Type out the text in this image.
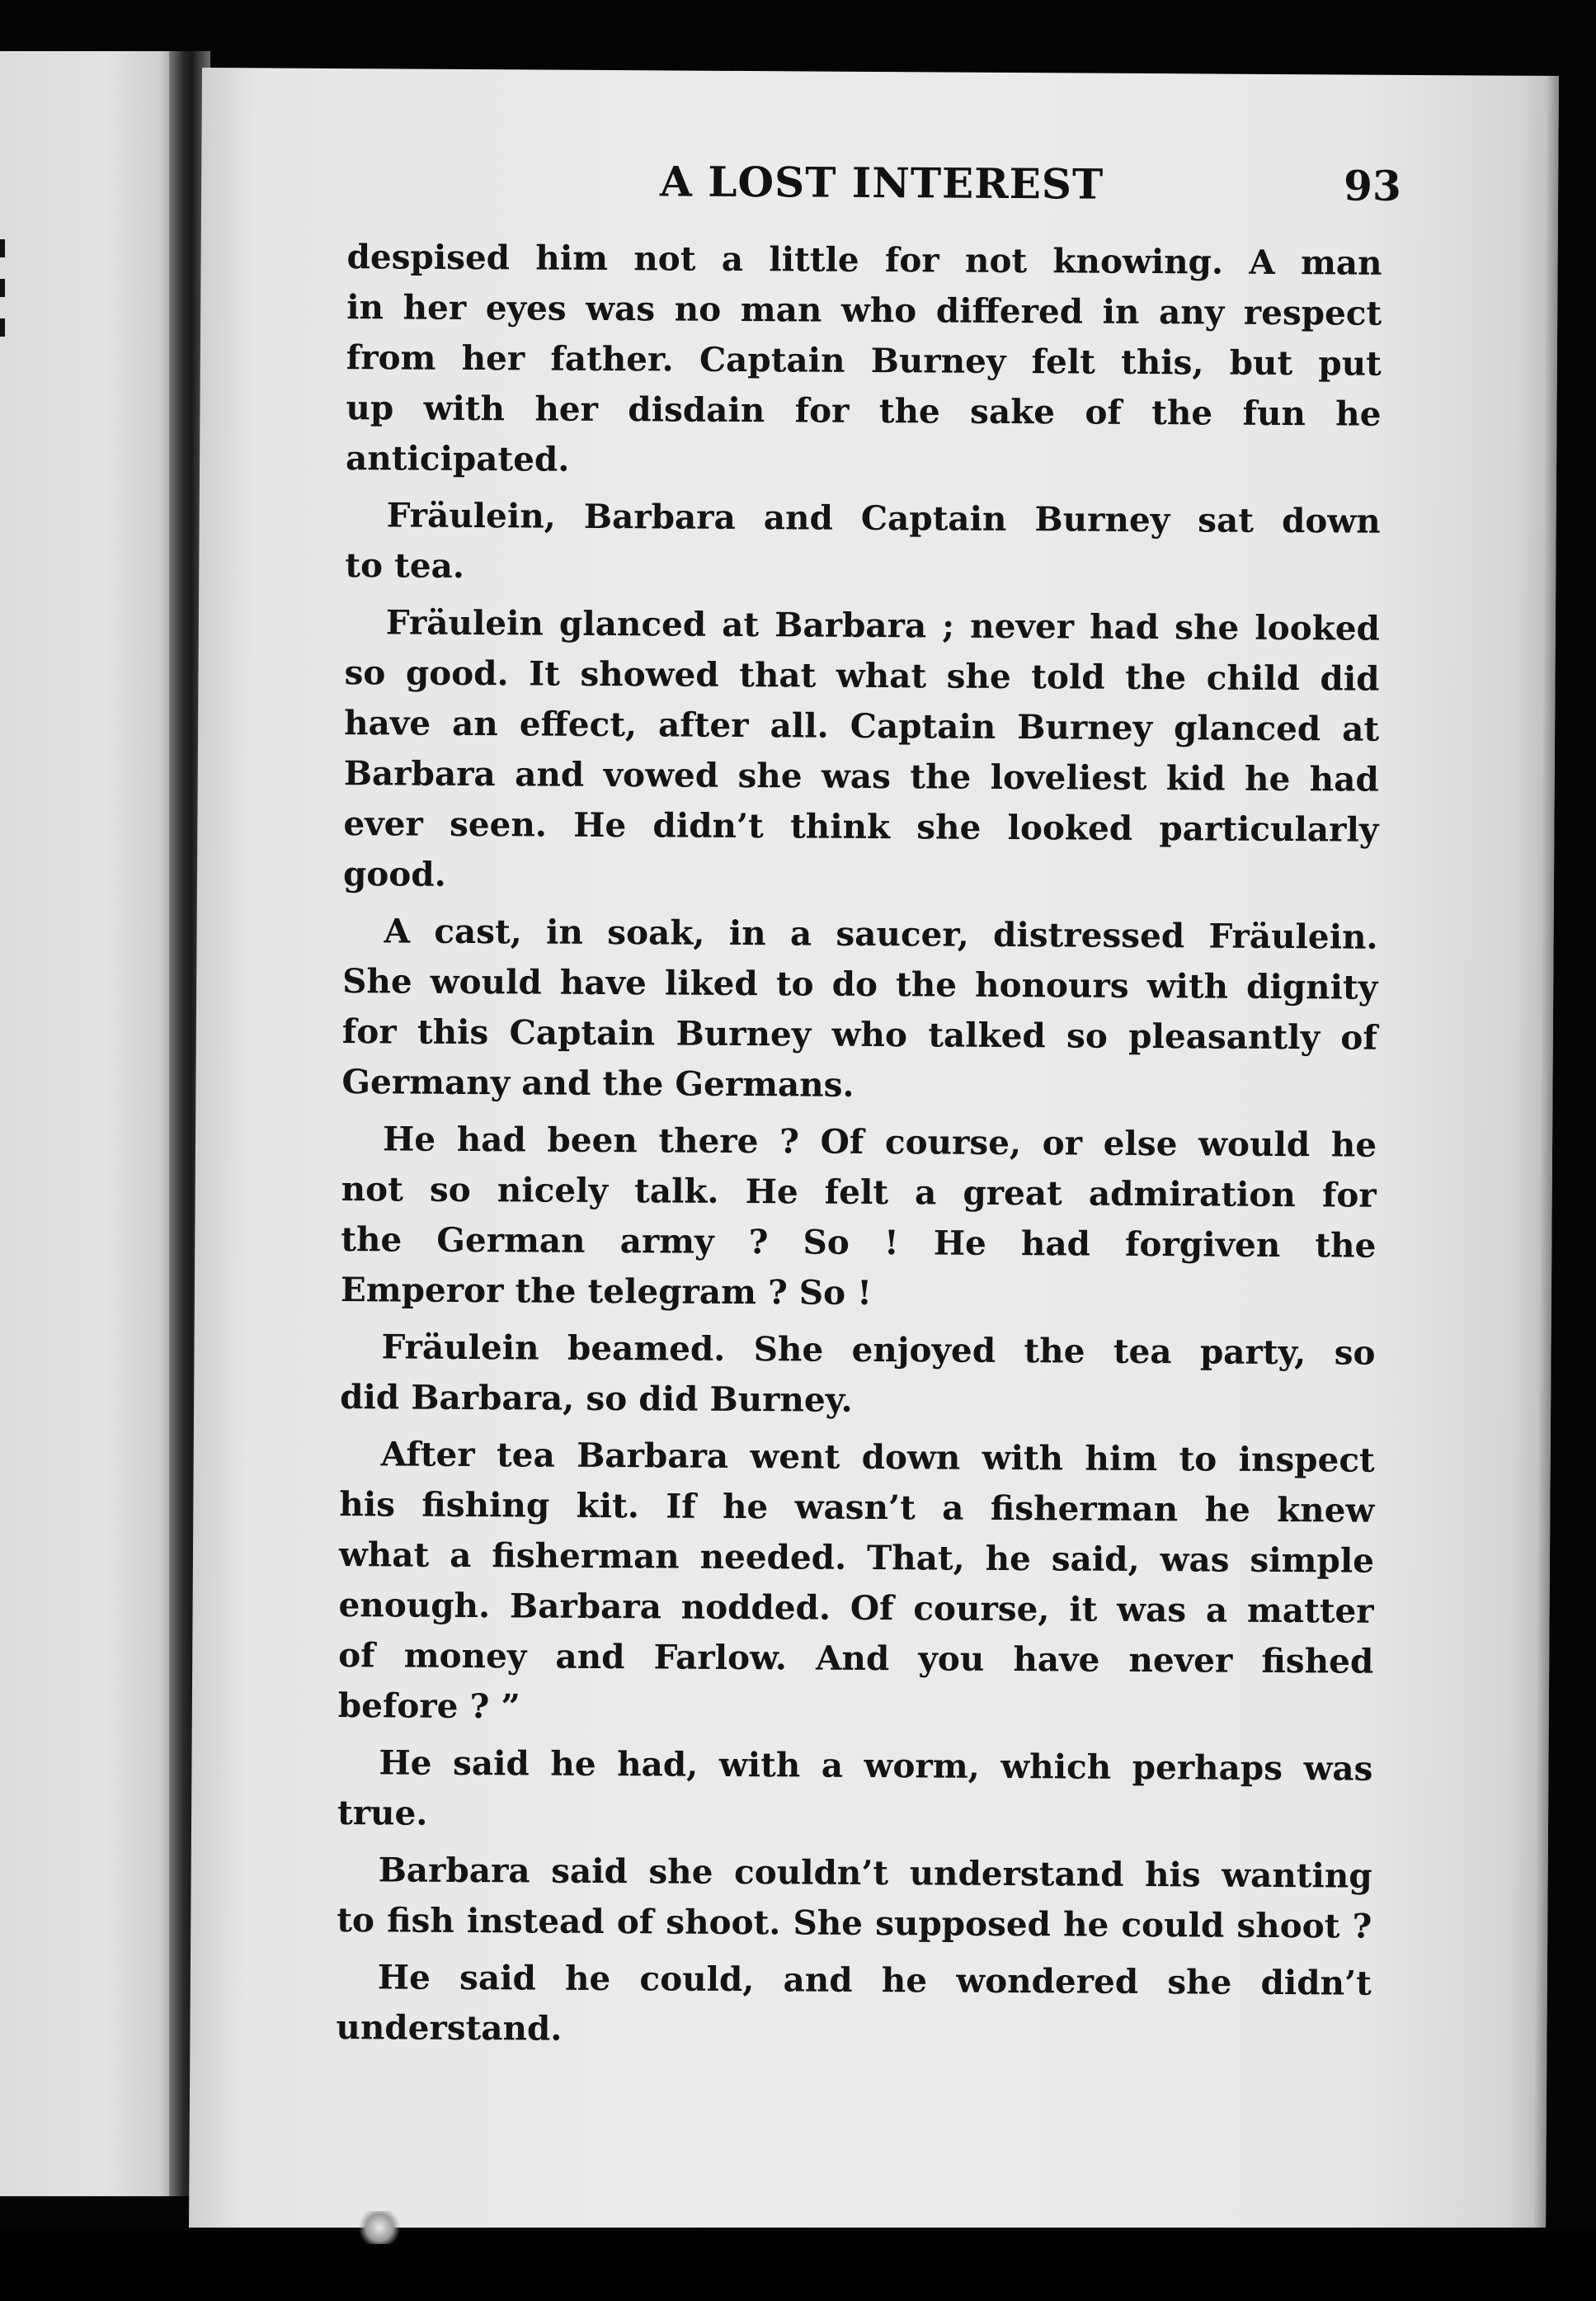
A LOST INTEREST	93

despised him not a little for not knowing. A man
in her eyes was no man who differed in any respect
from her father. Captain Burney felt this, but put
up with her disdain for the sake of the fun he
anticipated.

Fräulein, Barbara and Captain Burney sat down
to tea.

Fräulein glanced at Barbara ; never had she looked
so good. It showed that what she told the child did
have an effect, after all. Captain Burney glanced at
Barbara and vowed she was the loveliest kid he had
ever seen. He didn’t think she looked particularly
good.

A cast, in soak, in a saucer, distressed Fräulein.
She would have liked to do the honours with dignity
for this Captain Burney who talked so pleasantly of
Germany and the Germans.

He had been there ? Of course, or else would he
not so nicely talk. He felt a great admiration for
the German army ? So ! He had forgiven the
Emperor the telegram ? So !

Fräulein beamed. She enjoyed the tea party, so
did Barbara, so did Burney.

After tea Barbara went down with him to inspect
his fishing kit. If he wasn’t a fisherman he knew
what a fisherman needed. That, he said, was simple
enough. Barbara nodded. Of course, it was a matter
of money and Farlow. And you have never fished
before ? ”

He said he had, with a worm, which perhaps was
true.

Barbara said she couldn’t understand his wanting
to fish instead of shoot. She supposed he could shoot ?

He said he could, and he wondered she didn’t
understand.
